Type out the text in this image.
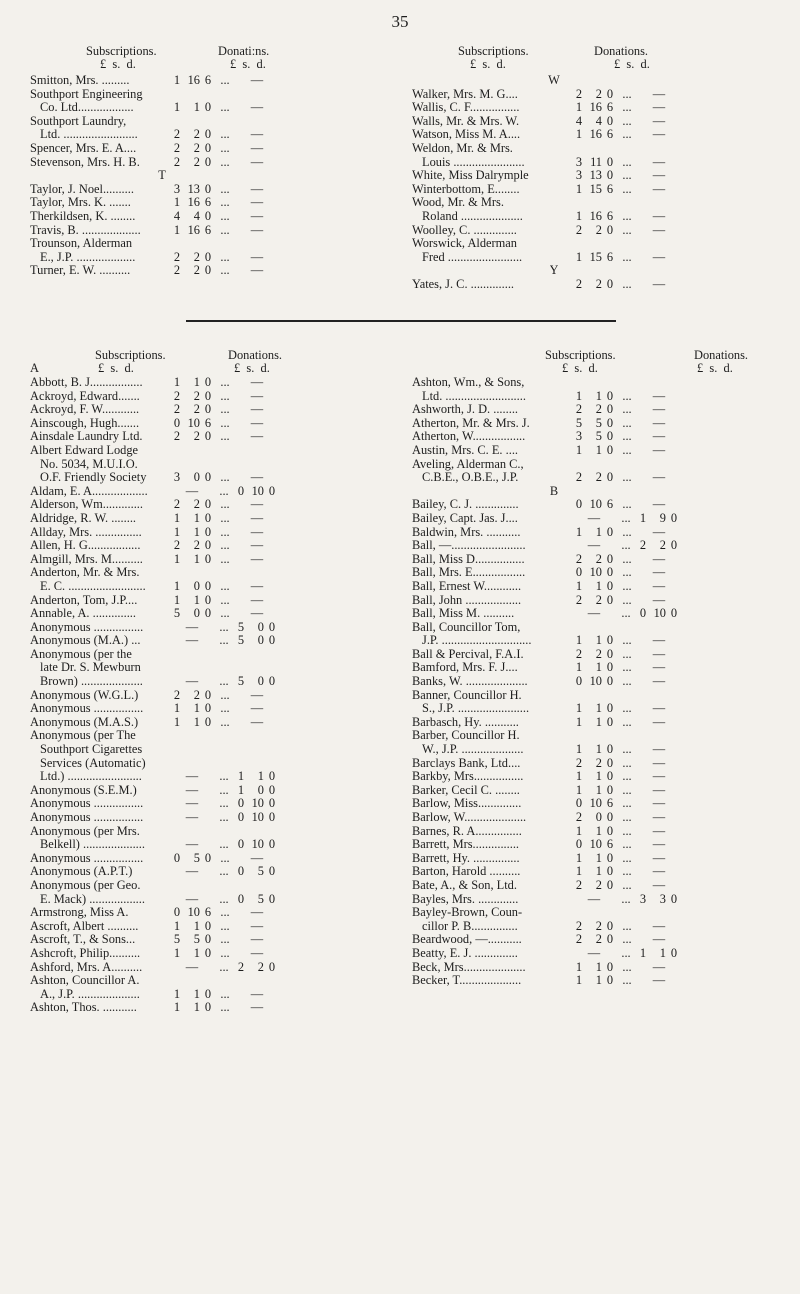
35
Subscriptions.	Donati:ns.	Subscriptions.	Donations.
£ s. d.	£ s. d.	£ s. d.	£ s. d.
Smitton, Mrs. .........	1 16 6 ...	—
Southport Engineering
Co. Ltd..................	1	1 0 ...	—
Southport Laundry,
Ltd. ........................	2	2 0 ...	—
Spencer, Mrs. E. A....	2	2 0 ...	—
Stevenson, Mrs. H. B.	2	2 0 ...	—
T
Taylor, J. Noel..........	3 13 0 ...	—
Taylor, Mrs. K. .......	1 16 6 ...	—
Therkildsen, K. ........	4	4 0 ...	—
Travis, B. ...................	1 16 6 ...	—
Trounson, Alderman
E., J.P. ...................	2	2 0 ...	—
Turner, E. W. ..........	2	2 0 ...	—
W
Walker, Mrs. M. G....	2	2 0 ...	—
Wallis, C. F................	1 16 6 ...	—
Walls, Mr. & Mrs. W.	4	4 0 ...	—
Watson, Miss M. A....	1 16 6 ...	—
Weldon, Mr. & Mrs.
Louis .......................	3 11 0 ...	—
White, Miss Dalrymple	3 13 0 ...	—
Winterbottom, E........	1 15 6 ...	—
Wood, Mr. & Mrs.
Roland ....................	1 16 6 ...	—
Woolley, C. ..............	2	2 0 ...	—
Worswick, Alderman
Fred ........................	1 15 6 ...	—
Y
Yates, J. C. ..............	2	2 0 ...	—
Subscriptions.	Donations.	Subscriptions.	Donations.
£ s. d.	£ s. d.	£ s. d.	£ s. d.
A
Abbott, B. J.................	1	1 0 ...	—
Ackroyd, Edward.......	2	2 0 ...	—
Ackroyd, F. W............	2	2 0 ...	—
Ainscough, Hugh.......	0 10 6 ...	—
Ainsdale Laundry Ltd.	2	2 0 ...	—
Albert Edward Lodge
No. 5034, M.U.I.O.
O.F. Friendly Society	3	0 0 ...	—
Aldam, E. A..................	—	... 0 10 0
Alderson, Wm.............	2	2 0 ...	—
Aldridge, R. W. ........	1	1 0 ...	—
Allday, Mrs. ...............	1	1 0 ...	—
Allen, H. G.................	2	2 0 ...	—
Almgill, Mrs. M..........	1	1 0 ...	—
Anderton, Mr. & Mrs.
E. C. .........................	1	0 0 ...	—
Anderton, Tom, J.P....	1	1 0 ...	—
Annable, A. ..............	5	0 0 ...	—
Anonymous ................	—	... 5	0 0
Anonymous (M.A.) ...	—	... 5	0 0
Anonymous (per the
late Dr. S. Mewburn
Brown) ....................	—	... 5	0 0
Anonymous (W.G.L.)	2	2 0 ...	—
Anonymous ................	1	1 0 ...	—
Anonymous (M.A.S.)	1	1 0 ...	—
Anonymous (per The
Southport Cigarettes
Services (Automatic)
Ltd.) ........................	—	... 1	1 0
Anonymous (S.E.M.)	—	... 1	0 0
Anonymous ................	—	... 0 10 0
Anonymous ................	—	... 0 10 0
Anonymous (per Mrs.
Belkell) ....................	—	... 0 10 0
Anonymous ................	0	5 0 ...	—
Anonymous (A.P.T.)	—	... 0	5 0
Anonymous (per Geo.
E. Mack) ..................	—	... 0	5 0
Armstrong, Miss A.	0 10 6 ...	—
Ascroft, Albert ..........	1	1 0 ...	—
Ascroft, T., & Sons...	5	5 0 ...	—
Ashcroft, Philip..........	1	1 0 ...	—
Ashford, Mrs. A..........	—	... 2	2 0
Ashton, Councillor A.
A., J.P. ....................	1	1 0 ...	—
Ashton, Thos. ...........	1	1 0 ...	—
Ashton, Wm., & Sons,
Ltd. ..........................	1	1 0 ...	—
Ashworth, J. D. ........	2	2 0 ...	—
Atherton, Mr. & Mrs. J.	5	5 0 ...	—
Atherton, W.................	3	5 0 ...	—
Austin, Mrs. C. E. ....	1	1 0 ...	—
Aveling, Alderman C.,
C.B.E., O.B.E., J.P.	2	2 0 ...	—
B
Bailey, C. J. ..............	0 10 6 ...	—
Bailey, Capt. Jas. J....	—	... 1	9 0
Baldwin, Mrs. ...........	1	1 0 ...	—
Ball, —........................	—	... 2	2 0
Ball, Miss D................	2	2 0 ...	—
Ball, Mrs. E.................	0 10 0 ...	—
Ball, Ernest W............	1	1 0 ...	—
Ball, John ..................	2	2 0 ...	—
Ball, Miss M. ..........	—	... 0 10 0
Ball, Councillor Tom,
J.P. .............................	1	1 0 ...	—
Ball & Percival, F.A.I.	2	2 0 ...	—
Bamford, Mrs. F. J....	1	1 0 ...	—
Banks, W. ....................	0 10 0 ...	—
Banner, Councillor H.
S., J.P. .......................	1	1 0 ...	—
Barbasch, Hy. ...........	1	1 0 ...	—
Barber, Councillor H.
W., J.P. ....................	1	1 0 ...	—
Barclays Bank, Ltd....	2	2 0 ...	—
Barkby, Mrs................	1	1 0 ...	—
Barker, Cecil C. ........	1	1 0 ...	—
Barlow, Miss..............	0 10 6 ...	—
Barlow, W....................	2	0 0 ...	—
Barnes, R. A...............	1	1 0 ...	—
Barrett, Mrs...............	0 10 6 ...	—
Barrett, Hy. ...............	1	1 0 ...	—
Barton, Harold ..........	1	1 0 ...	—
Bate, A., & Son, Ltd.	2	2 0 ...	—
Bayles, Mrs. .............	—	... 3	3 0
Bayley-Brown, Coun-
cillor P. B...............	2	2 0 ...	—
Beardwood, —...........	2	2 0 ...	—
Beatty, E. J. ..............	—	... 1	1 0
Beck, Mrs....................	1	1 0 ...	—
Becker, T....................	1	1 0 ...	—
